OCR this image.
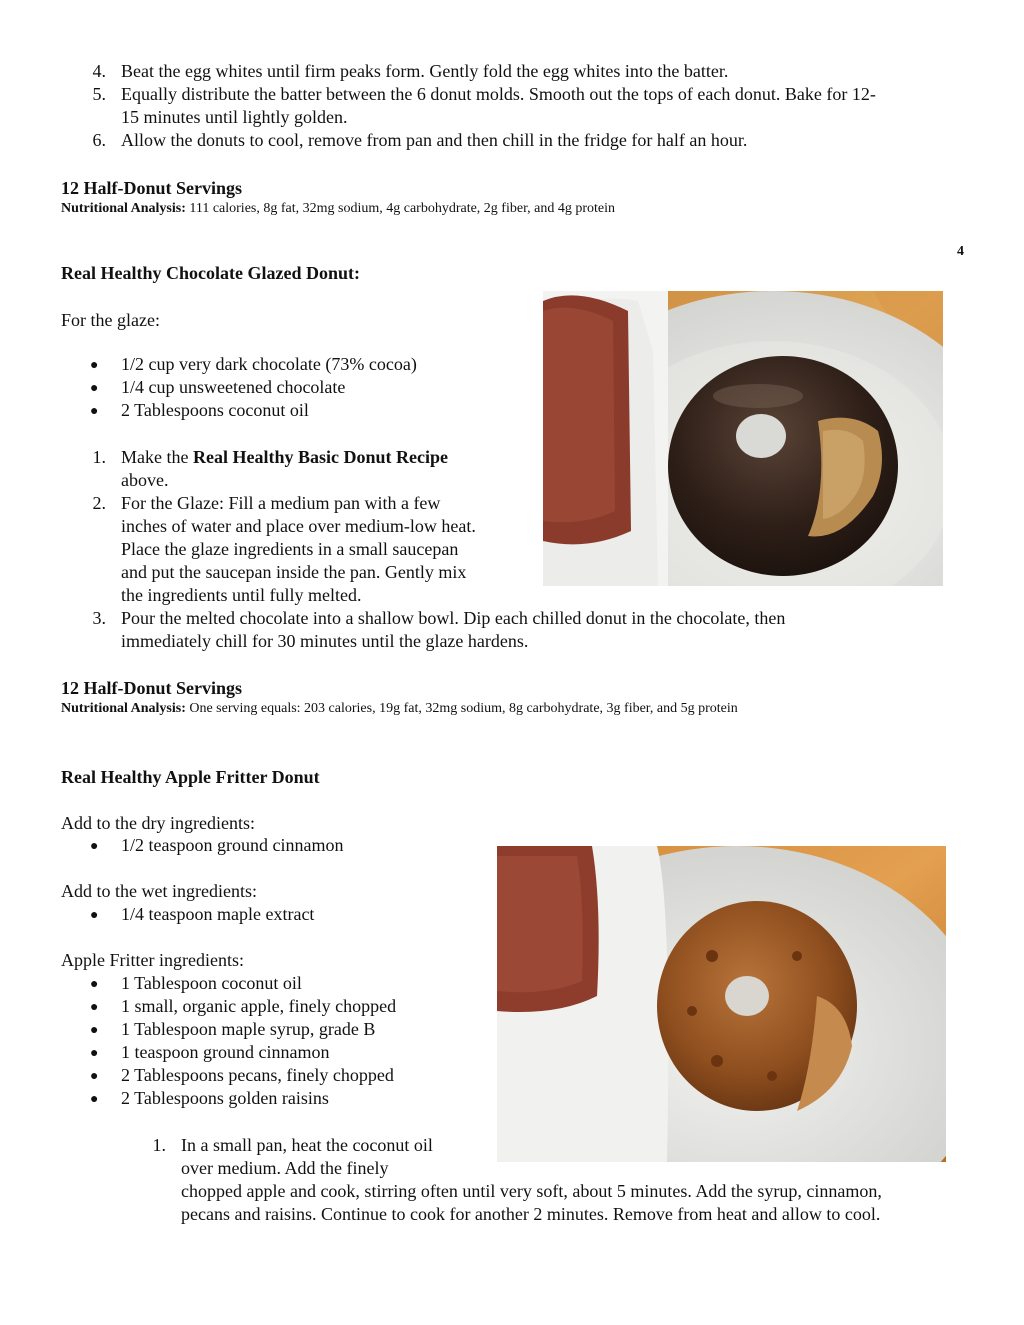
4. Beat the egg whites until firm peaks form. Gently fold the egg whites into the batter.
5. Equally distribute the batter between the 6 donut molds. Smooth out the tops of each donut. Bake for 12-
15 minutes until lightly golden.
6. Allow the donuts to cool, remove from pan and then chill in the fridge for half an hour.
12 Half-Donut Servings
Nutritional Analysis: 111 calories, 8g fat, 32mg sodium, 4g carbohydrate, 2g fiber, and 4g protein
4
Real Healthy Chocolate Glazed Donut:
For the glaze:
● 1/2 cup very dark chocolate (73% cocoa)
● 1/4 cup unsweetened chocolate
● 2 Tablespoons coconut oil
1. Make the Real Healthy Basic Donut Recipe
above.
2. For the Glaze: Fill a medium pan with a few
inches of water and place over medium-low heat.
Place the glaze ingredients in a small saucepan
and put the saucepan inside the pan. Gently mix
the ingredients until fully melted.
3. Pour the melted chocolate into a shallow bowl. Dip each chilled donut in the chocolate, then
immediately chill for 30 minutes until the glaze hardens.
12 Half-Donut Servings
Nutritional Analysis: One serving equals: 203 calories, 19g fat, 32mg sodium, 8g carbohydrate, 3g fiber, and 5g protein
Real Healthy Apple Fritter Donut
Add to the dry ingredients:
● 1/2 teaspoon ground cinnamon
Add to the wet ingredients:
● 1/4 teaspoon maple extract
Apple Fritter ingredients:
● 1 Tablespoon coconut oil
● 1 small, organic apple, finely chopped
● 1 Tablespoon maple syrup, grade B
● 1 teaspoon ground cinnamon
● 2 Tablespoons pecans, finely chopped
● 2 Tablespoons golden raisins
1. In a small pan, heat the coconut oil
over medium. Add the finely
chopped apple and cook, stirring often until very soft, about 5 minutes. Add the syrup, cinnamon,
pecans and raisins. Continue to cook for another 2 minutes. Remove from heat and allow to cool.
